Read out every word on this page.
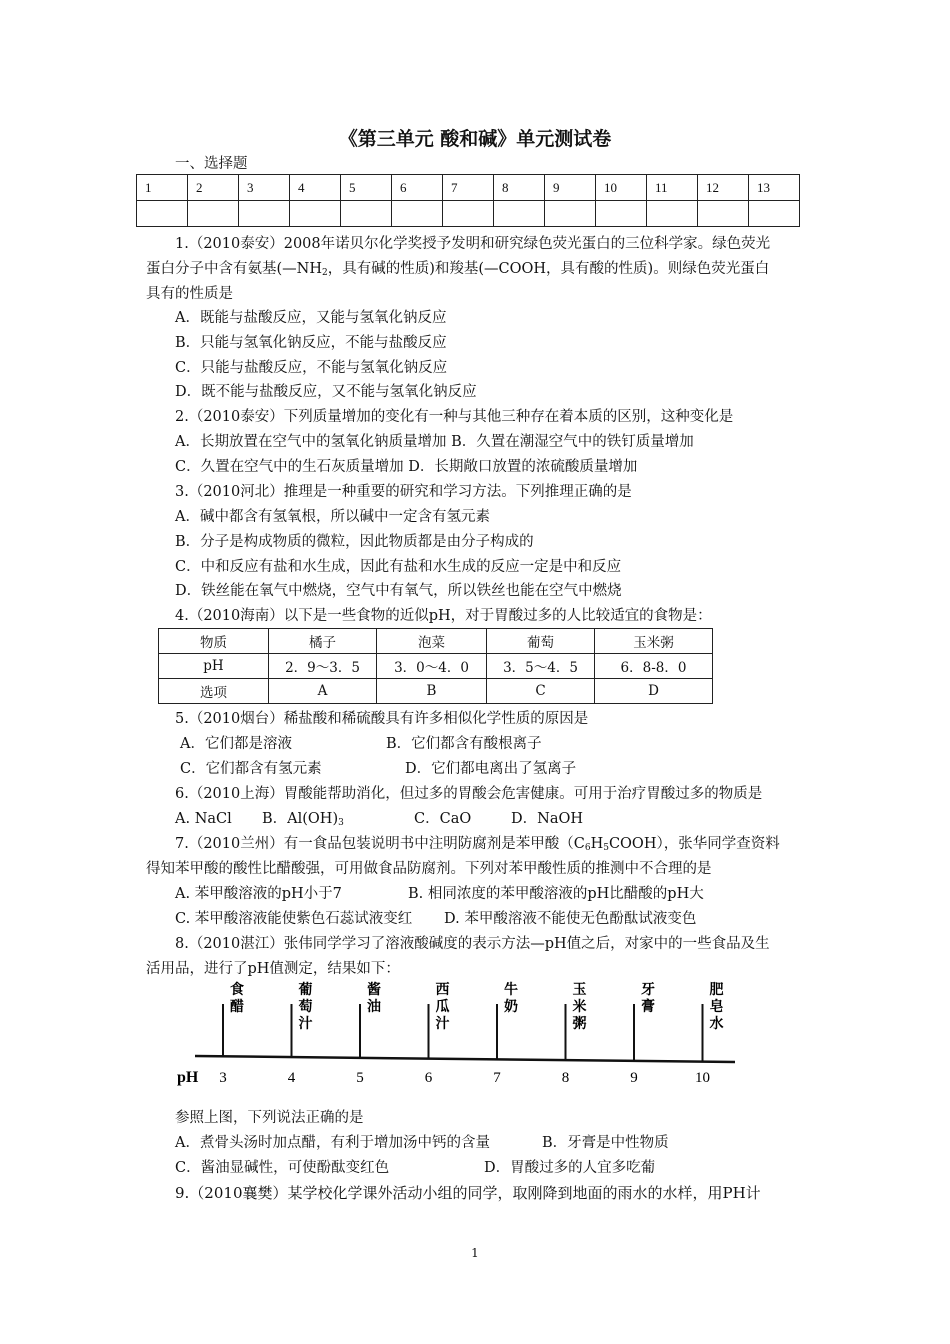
《第三单元 酸和碱》单元测试卷
一、选择题
1	2	3	4	5	6	7	8	9	10	11	12	13

1.（2010泰安）2008年诺贝尔化学奖授予发明和研究绿色荧光蛋白的三位科学家。绿色荧光
蛋白分子中含有氨基($—NH_2$，具有碱的性质)和羧基(—COOH，具有酸的性质)。则绿色荧光蛋白
具有的性质是
A．既能与盐酸反应，又能与氢氧化钠反应
B．只能与氢氧化钠反应，不能与盐酸反应
C．只能与盐酸反应，不能与氢氧化钠反应
D．既不能与盐酸反应，又不能与氢氧化钠反应
2.（2010泰安）下列质量增加的变化有一种与其他三种存在着本质的区别，这种变化是
A．长期放置在空气中的氢氧化钠质量增加 B．久置在潮湿空气中的铁钉质量增加
C．久置在空气中的生石灰质量增加 D．长期敞口放置的浓硫酸质量增加
3.（2010河北）推理是一种重要的研究和学习方法。下列推理正确的是
A．碱中都含有氢氧根，所以碱中一定含有氢元素
B．分子是构成物质的微粒，因此物质都是由分子构成的
C．中和反应有盐和水生成，因此有盐和水生成的反应一定是中和反应
D．铁丝能在氧气中燃烧，空气中有氧气，所以铁丝也能在空气中燃烧
4.（2010海南）以下是一些食物的近似pH，对于胃酸过多的人比较适宜的食物是：
物质	橘子	泡菜	葡萄	玉米粥
pH	2．9～3．5	3．0～4．0	3．5～4．5	6．8-8．0
选项	A	B	C	D
5.（2010烟台）稀盐酸和稀硫酸具有许多相似化学性质的原因是
A．它们都是溶液	B．它们都含有酸根离子
C．它们都含有氢元素	D．它们都电离出了氢离子
6.（2010上海）胃酸能帮助消化，但过多的胃酸会危害健康。可用于治疗胃酸过多的物质是
A. NaCl B．$Al(OH)_3$	C．CaO	D．NaOH
7.（2010兰州）有一食品包装说明书中注明防腐剂是苯甲酸$(C_6H_5COOH)$，张华同学查资料
得知苯甲酸的酸性比醋酸强，可用做食品防腐剂。下列对苯甲酸性质的推测中不合理的是
A. 苯甲酸溶液的pH小于7	B. 相同浓度的苯甲酸溶液的pH比醋酸的pH大
C. 苯甲酸溶液能使紫色石蕊试液变红 D. 苯甲酸溶液不能使无色酚酞试液变色
8.（2010湛江）张伟同学学习了溶液酸碱度的表示方法—pH值之后，对家中的一些食品及生
活用品，进行了pH值测定，结果如下：
pH 3	4	5	6	7	8	9	10
食
醋
葡
萄
汁
酱
油
西
瓜
汁
牛
奶
玉
米
粥
牙
膏
肥
皂
水
参照上图，下列说法正确的是
A．煮骨头汤时加点醋，有利于增加汤中钙的含量	B．牙膏是中性物质
C．酱油显碱性，可使酚酞变红色	D．胃酸过多的人宜多吃葡
9.（2010襄樊）某学校化学课外活动小组的同学，取刚降到地面的雨水的水样，用PH计
1
